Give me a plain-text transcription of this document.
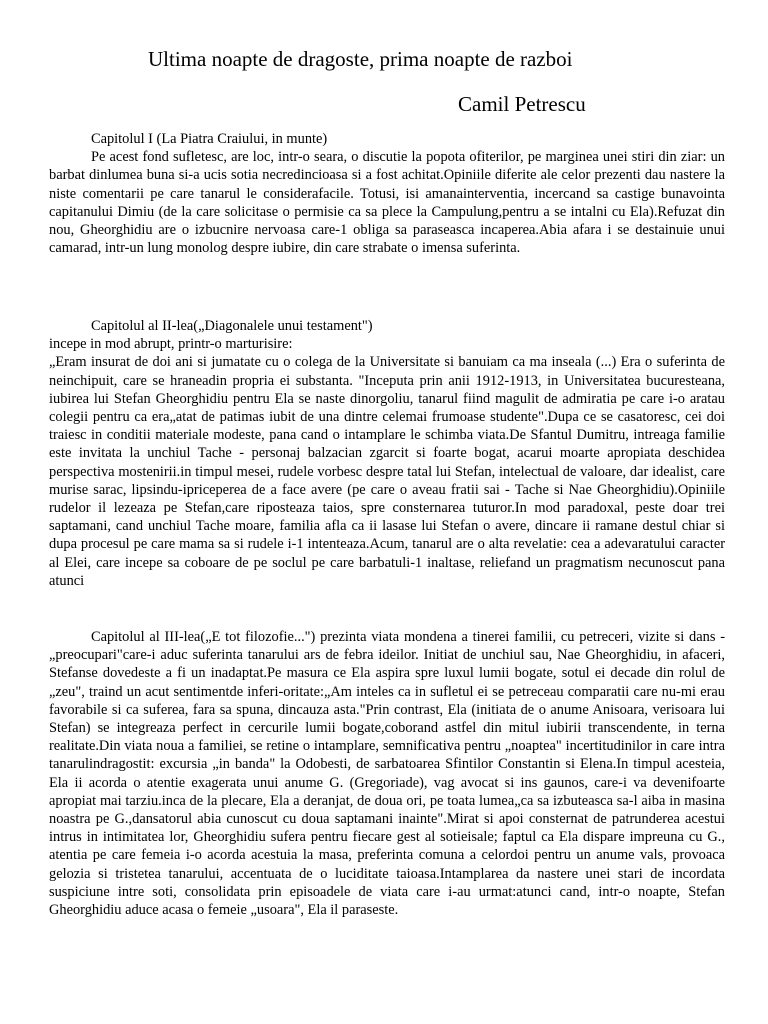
Ultima noapte de dragoste, prima noapte de razboi
Camil Petrescu
Capitolul I (La Piatra Craiului, in munte)
Pe acest fond sufletesc, are loc, intr-o seara, o discutie la popota ofiterilor, pe marginea unei stiri din ziar: un barbat dinlumea buna si-a ucis sotia necredincioasa si a fost achitat.Opiniile diferite ale celor prezenti dau nastere la niste comentarii pe care tanarul le considerafacile. Totusi, isi amanainterventia, incercand sa castige bunavointa capitanului Dimiu (de la care solicitase o permisie ca sa plece la Campulung,pentru a se intalni cu Ela).Refuzat din nou, Gheorghidiu are o izbucnire nervoasa care-1 obliga sa paraseasca incaperea.Abia afara i se destainuie unui camarad, intr-un lung monolog despre iubire, din care strabate o imensa suferinta.
Capitolul al II-lea(„Diagonalele unui testament")
incepe in mod abrupt, printr-o marturisire:
„Eram insurat de doi ani si jumatate cu o colega de la Universitate si banuiam ca ma inseala (...) Era o suferinta de neinchipuit, care se hraneadin propria ei substanta. "Inceputa prin anii 1912-1913, in Universitatea bucuresteana, iubirea lui Stefan Gheorghidiu pentru Ela se naste dinorgoliu, tanarul fiind magulit de admiratia pe care i-o aratau colegii pentru ca era„atat de patimas iubit de una dintre celemai frumoase studente".Dupa ce se casatoresc, cei doi traiesc in conditii materiale modeste, pana cand o intamplare le schimba viata.De Sfantul Dumitru, intreaga familie este invitata la unchiul Tache - personaj balzacian zgarcit si foarte bogat, acarui moarte apropiata deschidea perspectiva mostenirii.in timpul mesei, rudele vorbesc despre tatal lui Stefan, intelectual de valoare, dar idealist, care murise sarac, lipsindu-ipriceperea de a face avere (pe care o aveau fratii sai - Tache si Nae Gheorghidiu).Opiniile rudelor il lezeaza pe Stefan,care riposteaza taios, spre consternarea tuturor.In mod paradoxal, peste doar trei saptamani, cand unchiul Tache moare, familia afla ca ii lasase lui Stefan o avere, dincare ii ramane destul chiar si dupa procesul pe care mama sa si rudele i-1 intenteaza.Acum, tanarul are o alta revelatie: cea a adevaratului caracter al Elei, care incepe sa coboare de pe soclul pe care barbatuli-1 inaltase, reliefand un pragmatism necunoscut pana atunci
Capitolul al III-lea(„E tot filozofie...") prezinta viata mondena a tinerei familii, cu petreceri, vizite si dans -„preocupari"care-i aduc suferinta tanarului ars de febra ideilor. Initiat de unchiul sau, Nae Gheorghidiu, in afaceri, Stefanse dovedeste a fi un inadaptat.Pe masura ce Ela aspira spre luxul lumii bogate, sotul ei decade din rolul de „zeu", traind un acut sentimentde inferi-oritate:„Am inteles ca in sufletul ei se petreceau comparatii care nu-mi erau favorabile si ca suferea, fara sa spuna, dincauza asta."Prin contrast, Ela (initiata de o anume Anisoara, verisoara lui Stefan) se integreaza perfect in cercurile lumii bogate,coborand astfel din mitul iubirii transcendente, in terna realitate.Din viata noua a familiei, se retine o intamplare, semnificativa pentru „noaptea" incertitudinilor in care intra tanarulindragostit: excursia „in banda" la Odobesti, de sarbatoarea Sfintilor Constantin si Elena.In timpul acesteia, Ela ii acorda o atentie exagerata unui anume G. (Gregoriade), vag avocat si ins gaunos, care-i va devenifoarte apropiat mai tarziu.inca de la plecare, Ela a deranjat, de doua ori, pe toata lumea„ca sa izbuteasca sa-l aiba in masina noastra pe G.,dansatorul abia cunoscut cu doua saptamani inainte".Mirat si apoi consternat de patrunderea acestui intrus in intimitatea lor, Gheorghidiu sufera pentru fiecare gest al sotieisale; faptul ca Ela dispare impreuna cu G., atentia pe care femeia i-o acorda acestuia la masa, preferinta comuna a celordoi pentru un anume vals, provoaca gelozia si tristetea tanarului, accentuata de o luciditate taioasa.Intamplarea da nastere unei stari de incordata suspiciune intre soti, consolidata prin episoadele de viata care i-au urmat:atunci cand, intr-o noapte, Stefan Gheorghidiu aduce acasa o femeie „usoara", Ela il paraseste.
